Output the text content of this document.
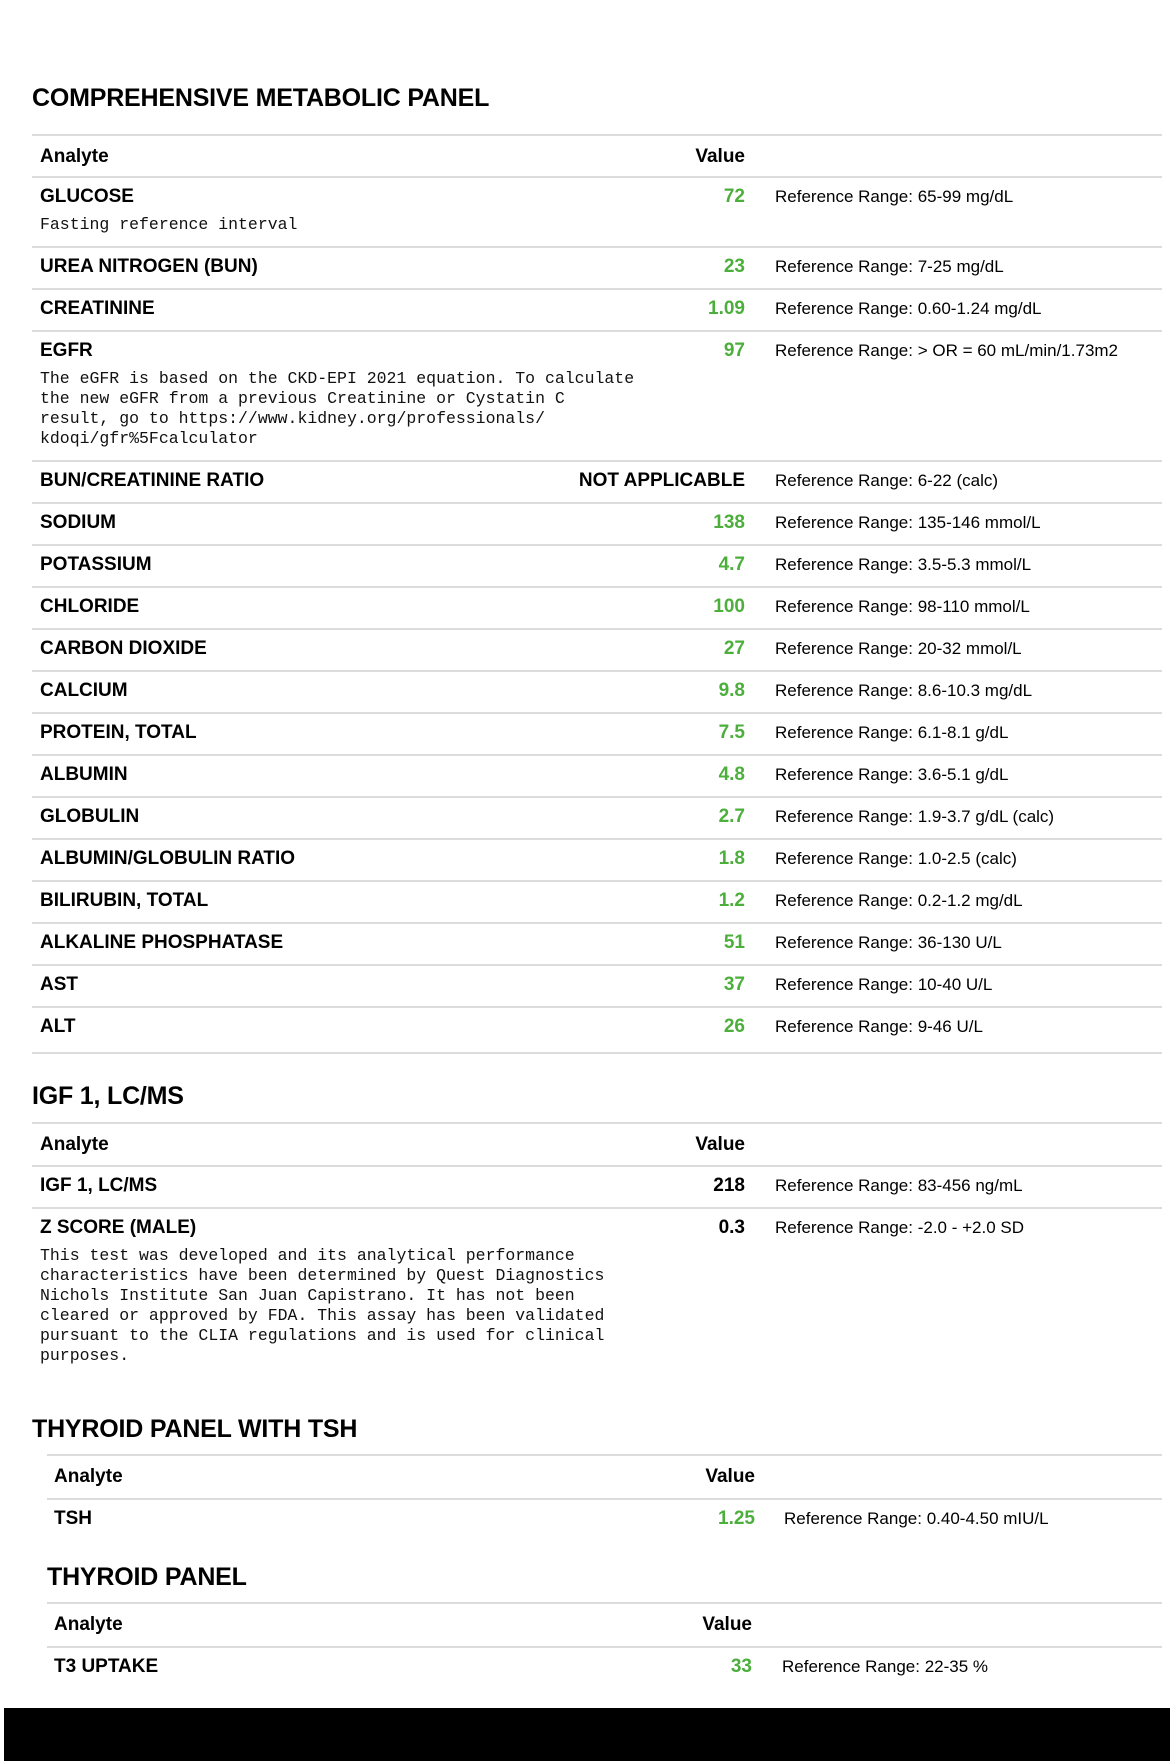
COMPREHENSIVE METABOLIC PANEL
Analyte	Value
GLUCOSE	72 Reference Range: 65-99 mg/dL
Fasting reference interval
UREA NITROGEN (BUN)	23 Reference Range: 7-25 mg/dL
CREATININE	1.09 Reference Range: 0.60-1.24 mg/dL
EGFR	97 Reference Range: > OR = 60 mL/min/1.73m2
The eGFR is based on the CKD-EPI 2021 equation. To calculate
the new eGFR from a previous Creatinine or Cystatin C
result, go to https://www.kidney.org/professionals/
kdoqi/gfr%5Fcalculator
BUN/CREATININE RATIO	NOT APPLICABLE Reference Range: 6-22 (calc)
SODIUM	138 Reference Range: 135-146 mmol/L
POTASSIUM	4.7 Reference Range: 3.5-5.3 mmol/L
CHLORIDE	100 Reference Range: 98-110 mmol/L
CARBON DIOXIDE	27 Reference Range: 20-32 mmol/L
CALCIUM	9.8 Reference Range: 8.6-10.3 mg/dL
PROTEIN, TOTAL	7.5 Reference Range: 6.1-8.1 g/dL
ALBUMIN	4.8 Reference Range: 3.6-5.1 g/dL
GLOBULIN	2.7 Reference Range: 1.9-3.7 g/dL (calc)
ALBUMIN/GLOBULIN RATIO	1.8 Reference Range: 1.0-2.5 (calc)
BILIRUBIN, TOTAL	1.2 Reference Range: 0.2-1.2 mg/dL
ALKALINE PHOSPHATASE	51 Reference Range: 36-130 U/L
AST	37 Reference Range: 10-40 U/L
ALT	26 Reference Range: 9-46 U/L
IGF 1, LC/MS
Analyte	Value
IGF 1, LC/MS	218 Reference Range: 83-456 ng/mL
Z SCORE (MALE)	0.3 Reference Range: -2.0 - +2.0 SD
This test was developed and its analytical performance
characteristics have been determined by Quest Diagnostics
Nichols Institute San Juan Capistrano. It has not been
cleared or approved by FDA. This assay has been validated
pursuant to the CLIA regulations and is used for clinical
purposes.
THYROID PANEL WITH TSH
Analyte	Value
TSH	1.25 Reference Range: 0.40-4.50 mIU/L
THYROID PANEL
Analyte	Value
T3 UPTAKE	33 Reference Range: 22-35 %
